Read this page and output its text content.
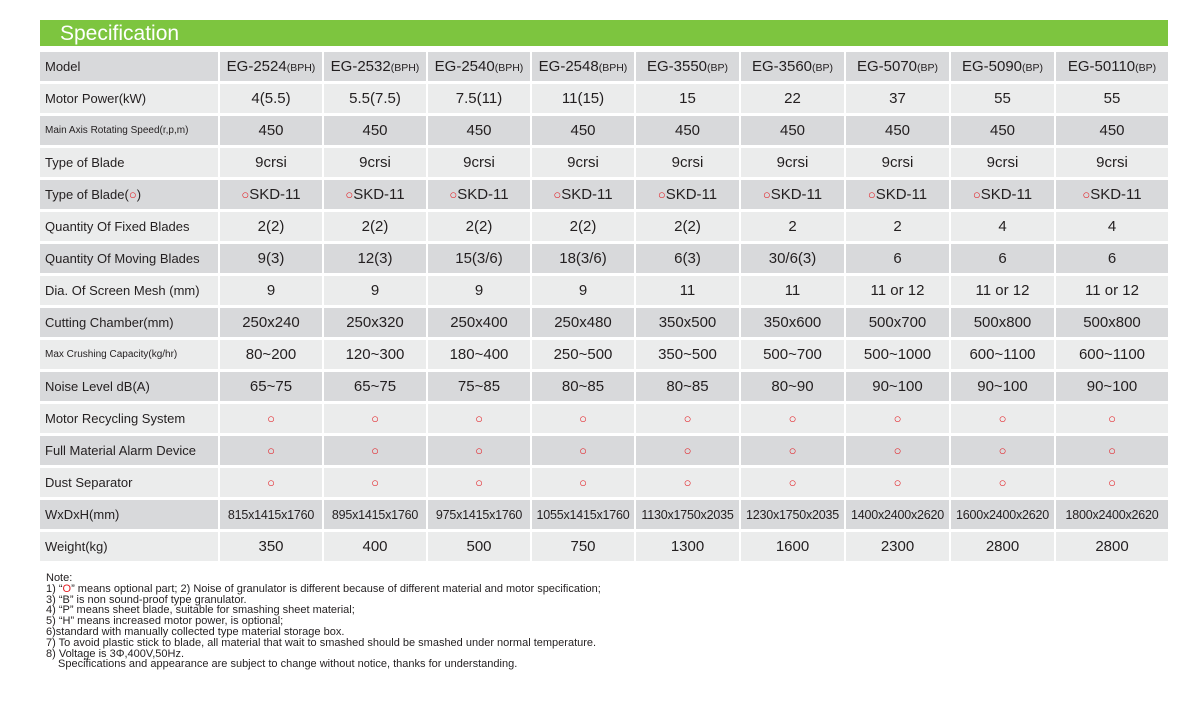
Specification
Model	EG-2524(BPH)	EG-2532(BPH)	EG-2540(BPH)	EG-2548(BPH)	EG-3550(BP)	EG-3560(BP)	EG-5070(BP)	EG-5090(BP)	EG-50110(BP)
Motor Power(kW)	4(5.5)	5.5(7.5)	7.5(11)	11(15)	15	22	37	55	55
Main Axis Rotating Speed(r,p,m)	450	450	450	450	450	450	450	450	450
Type of Blade	9crsi	9crsi	9crsi	9crsi	9crsi	9crsi	9crsi	9crsi	9crsi
Type of Blade(○)	○SKD-11	○SKD-11	○SKD-11	○SKD-11	○SKD-11	○SKD-11	○SKD-11	○SKD-11	○SKD-11
Quantity Of Fixed Blades	2(2)	2(2)	2(2)	2(2)	2(2)	2	2	4	4
Quantity Of Moving Blades	9(3)	12(3)	15(3/6)	18(3/6)	6(3)	30/6(3)	6	6	6
Dia. Of Screen Mesh (mm)	9	9	9	9	11	11	11 or 12	11 or 12	11 or 12
Cutting Chamber(mm)	250x240	250x320	250x400	250x480	350x500	350x600	500x700	500x800	500x800
Max Crushing Capacity(kg/hr)	80~200	120~300	180~400	250~500	350~500	500~700	500~1000	600~1100	600~1100
Noise Level dB(A)	65~75	65~75	75~85	80~85	80~85	80~90	90~100	90~100	90~100
Motor Recycling System	○	○	○	○	○	○	○	○	○
Full Material Alarm Device	○	○	○	○	○	○	○	○	○
Dust Separator	○	○	○	○	○	○	○	○	○
WxDxH(mm)	815x1415x1760	895x1415x1760	975x1415x1760	1055x1415x1760	1130x1750x2035	1230x1750x2035	1400x2400x2620	1600x2400x2620	1800x2400x2620
Weight(kg)	350	400	500	750	1300	1600	2300	2800	2800
Note:
1) “O” means optional part; 2) Noise of granulator is different because of different material and motor specification;
3) “B” is non sound-proof type granulator.
4) “P” means sheet blade, suitable for smashing sheet material;
5) “H” means increased motor power, is optional;
6)standard with manually collected type material storage box.
7) To avoid plastic stick to blade, all material that wait to smashed should be smashed under normal temperature.
8) Voltage is 3Φ,400V,50Hz.
Specifications and appearance are subject to change without notice, thanks for understanding.
